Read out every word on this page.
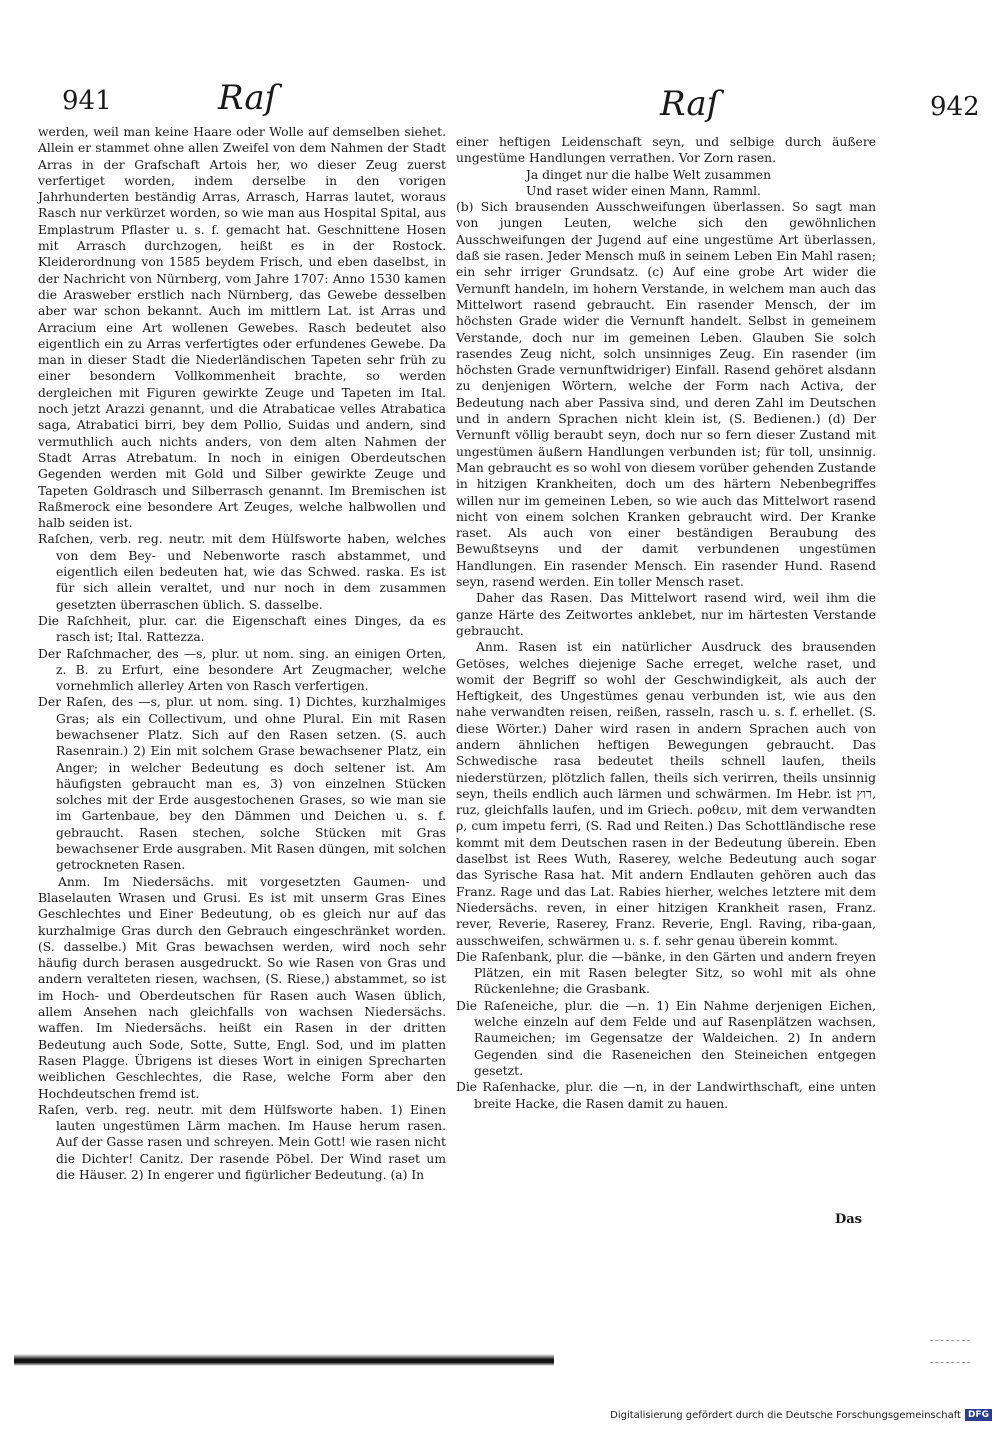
941	Raſ	Raſ	942

werden, weil man keine Haare oder Wolle auf demselben siehet. Allein er stammet ohne allen Zweifel von dem Nahmen der Stadt Arras in der Grafschaft Artois her, wo dieser Zeug zuerst verfertiget worden, indem derselbe in den vorigen Jahrhunderten beständig Arras, Arrasch, Harras lautet, woraus Rasch nur verkürzet worden, so wie man aus Hospital Spital, aus Emplastrum Pflaster u. s. f. gemacht hat. Geschnittene Hosen mit Arrasch durchzogen, heißt es in der Rostock. Kleiderordnung von 1585 beydem Frisch, und eben daselbst, in der Nachricht von Nürnberg, vom Jahre 1707: Anno 1530 kamen die Arasweber erstlich nach Nürnberg, das Gewebe desselben aber war schon bekannt. Auch im mittlern Lat. ist Arras und Arracium eine Art wollenen Gewebes. Rasch bedeutet also eigentlich ein zu Arras verfertigtes oder erfundenes Gewebe. Da man in dieser Stadt die Niederländischen Tapeten sehr früh zu einer besondern Vollkommenheit brachte, so werden dergleichen mit Figuren gewirkte Zeuge und Tapeten im Ital. noch jetzt Arazzi genannt, und die Atrabaticae velles Atrabatica saga, Atrabatici birri, bey dem Pollio, Suidas und andern, sind vermuthlich auch nichts anders, von dem alten Nahmen der Stadt Arras Atrebatum. In noch in einigen Oberdeutschen Gegenden werden mit Gold und Silber gewirkte Zeuge und Tapeten Goldrasch und Silberrasch genannt. Im Bremischen ist Raßmerock eine besondere Art Zeuges, welche halbwollen und halb seiden ist.

Raſchen, verb. reg. neutr. mit dem Hülfsworte haben, welches von dem Bey- und Nebenworte rasch abstammet, und eigentlich eilen bedeuten hat, wie das Schwed. raska. Es ist für sich allein veraltet, und nur noch in dem zusammen gesetzten überraschen üblich. S. dasselbe.

Die Raſchheit, plur. car. die Eigenschaft eines Dinges, da es rasch ist; Ital. Rattezza.

Der Raſchmacher, des —s, plur. ut nom. sing. an einigen Orten, z. B. zu Erfurt, eine besondere Art Zeugmacher, welche vornehmlich allerley Arten von Rasch verfertigen.

Der Raſen, des —s, plur. ut nom. sing. 1) Dichtes, kurzhalmiges Gras; als ein Collectivum, und ohne Plural. Ein mit Rasen bewachsener Platz. Sich auf den Rasen setzen. (S. auch Rasenrain.) 2) Ein mit solchem Grase bewachsener Platz, ein Anger; in welcher Bedeutung es doch seltener ist. Am häufigsten gebraucht man es, 3) von einzelnen Stücken solches mit der Erde ausgestochenen Grases, so wie man sie im Gartenbaue, bey den Dämmen und Deichen u. s. f. gebraucht. Rasen stechen, solche Stücken mit Gras bewachsener Erde ausgraben. Mit Rasen düngen, mit solchen getrockneten Rasen.

Anm. Im Niedersächs. mit vorgesetzten Gaumen- und Blaselauten Wrasen und Grusi. Es ist mit unserm Gras Eines Geschlechtes und Einer Bedeutung, ob es gleich nur auf das kurzhalmige Gras durch den Gebrauch eingeschränket worden. (S. dasselbe.) Mit Gras bewachsen werden, wird noch sehr häufig durch berasen ausgedruckt. So wie Rasen von Gras und andern veralteten riesen, wachsen, (S. Riese,) abstammet, so ist im Hoch- und Oberdeutschen für Rasen auch Wasen üblich, allem Ansehen nach gleichfalls von wachsen Niedersächs. waffen. Im Niedersächs. heißt ein Rasen in der dritten Bedeutung auch Sode, Sotte, Sutte, Engl. Sod, und im platten Rasen Plagge. Übrigens ist dieses Wort in einigen Sprecharten weiblichen Geschlechtes, die Rase, welche Form aber den Hochdeutschen fremd ist.

Raſen, verb. reg. neutr. mit dem Hülfsworte haben. 1) Einen lauten ungestümen Lärm machen. Im Hause herum rasen. Auf der Gasse rasen und schreyen. Mein Gott! wie rasen nicht die Dichter! Canitz. Der rasende Pöbel. Der Wind raset um die Häuser. 2) In engerer und figürlicher Bedeutung. (a) In

einer heftigen Leidenschaft seyn, und selbige durch äußere ungestüme Handlungen verrathen. Vor Zorn rasen.

Ja dinget nur die halbe Welt zusammen

Und raset wider einen Mann, Ramml.

(b) Sich brausenden Ausschweifungen überlassen. So sagt man von jungen Leuten, welche sich den gewöhnlichen Ausschweifungen der Jugend auf eine ungestüme Art überlassen, daß sie rasen. Jeder Mensch muß in seinem Leben Ein Mahl rasen; ein sehr irriger Grundsatz. (c) Auf eine grobe Art wider die Vernunft handeln, im hohern Verstande, in welchem man auch das Mittelwort rasend gebraucht. Ein rasender Mensch, der im höchsten Grade wider die Vernunft handelt. Selbst in gemeinem Verstande, doch nur im gemeinen Leben. Glauben Sie solch rasendes Zeug nicht, solch unsinniges Zeug. Ein rasender (im höchsten Grade vernunftwidriger) Einfall. Rasend gehöret alsdann zu denjenigen Wörtern, welche der Form nach Activa, der Bedeutung nach aber Passiva sind, und deren Zahl im Deutschen und in andern Sprachen nicht klein ist, (S. Bedienen.) (d) Der Vernunft völlig beraubt seyn, doch nur so fern dieser Zustand mit ungestümen äußern Handlungen verbunden ist; für toll, unsinnig. Man gebraucht es so wohl von diesem vorüber gehenden Zustande in hitzigen Krankheiten, doch um des härtern Nebenbegriffes willen nur im gemeinen Leben, so wie auch das Mittelwort rasend nicht von einem solchen Kranken gebraucht wird. Der Kranke raset. Als auch von einer beständigen Beraubung des Bewußtseyns und der damit verbundenen ungestümen Handlungen. Ein rasender Mensch. Ein rasender Hund. Rasend seyn, rasend werden. Ein toller Mensch raset.

Daher das Rasen. Das Mittelwort rasend wird, weil ihm die ganze Härte des Zeitwortes anklebet, nur im härtesten Verstande gebraucht.

Anm. Rasen ist ein natürlicher Ausdruck des brausenden Getöses, welches diejenige Sache erreget, welche raset, und womit der Begriff so wohl der Geschwindigkeit, als auch der Heftigkeit, des Ungestümes genau verbunden ist, wie aus den nahe verwandten reisen, reißen, rasseln, rasch u. s. f. erhellet. (S. diese Wörter.) Daher wird rasen in andern Sprachen auch von andern ähnlichen heftigen Bewegungen gebraucht. Das Schwedische rasa bedeutet theils schnell laufen, theils niederstürzen, plötzlich fallen, theils sich verirren, theils unsinnig seyn, theils endlich auch lärmen und schwärmen. Im Hebr. ist רוץ, ruz, gleichfalls laufen, und im Griech. ροθειν, mit dem verwandten ρ, cum impetu ferri, (S. Rad und Reiten.) Das Schottländische rese kommt mit dem Deutschen rasen in der Bedeutung überein. Eben daselbst ist Rees Wuth, Raserey, welche Bedeutung auch sogar das Syrische Rasa hat. Mit andern Endlauten gehören auch das Franz. Rage und das Lat. Rabies hierher, welches letztere mit dem Niedersächs. reven, in einer hitzigen Krankheit rasen, Franz. rever, Reverie, Raserey, Franz. Reverie, Engl. Raving, riba-gaan, ausschweifen, schwärmen u. s. f. sehr genau überein kommt.

Die Raſenbank, plur. die —bänke, in den Gärten und andern freyen Plätzen, ein mit Rasen belegter Sitz, so wohl mit als ohne Rückenlehne; die Grasbank.

Die Raſeneiche, plur. die —n. 1) Ein Nahme derjenigen Eichen, welche einzeln auf dem Felde und auf Rasenplätzen wachsen, Raumeichen; im Gegensatze der Waldeichen. 2) In andern Gegenden sind die Raseneichen den Steineichen entgegen gesetzt.

Die Raſenhacke, plur. die —n, in der Landwirthschaft, eine unten breite Hacke, die Rasen damit zu hauen.

Das
Digitalisierung gefördert durch die Deutsche Forschungsgemeinschaft DFG
